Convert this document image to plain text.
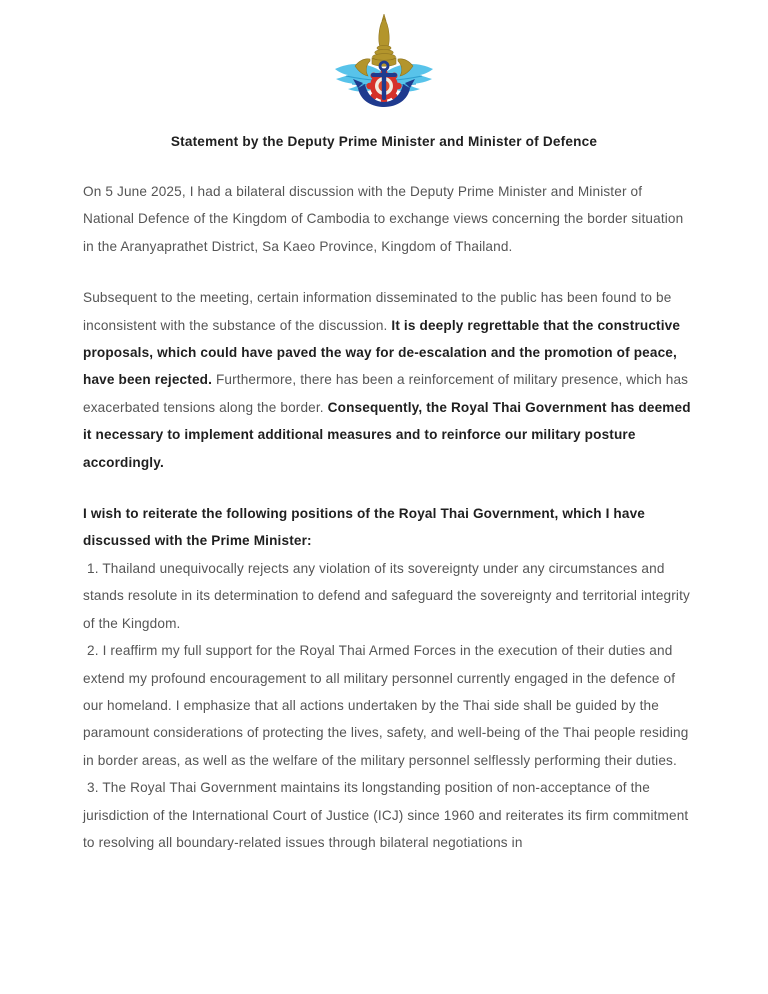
Statement by the Deputy Prime Minister and Minister of Defence

On 5 June 2025, I had a bilateral discussion with the Deputy Prime Minister and Minister of National Defence of the Kingdom of Cambodia to exchange views concerning the border situation in the Aranyaprathet District, Sa Kaeo Province, Kingdom of Thailand.

Subsequent to the meeting, certain information disseminated to the public has been found to be inconsistent with the substance of the discussion. It is deeply regrettable that the constructive proposals, which could have paved the way for de-escalation and the promotion of peace, have been rejected. Furthermore, there has been a reinforcement of military presence, which has exacerbated tensions along the border. Consequently, the Royal Thai Government has deemed it necessary to implement additional measures and to reinforce our military posture accordingly.

I wish to reiterate the following positions of the Royal Thai Government, which I have discussed with the Prime Minister:

1. Thailand unequivocally rejects any violation of its sovereignty under any circumstances and stands resolute in its determination to defend and safeguard the sovereignty and territorial integrity of the Kingdom.

2. I reaffirm my full support for the Royal Thai Armed Forces in the execution of their duties and extend my profound encouragement to all military personnel currently engaged in the defence of our homeland. I emphasize that all actions undertaken by the Thai side shall be guided by the paramount considerations of protecting the lives, safety, and well-being of the Thai people residing in border areas, as well as the welfare of the military personnel selflessly performing their duties.

3. The Royal Thai Government maintains its longstanding position of non-acceptance of the jurisdiction of the International Court of Justice (ICJ) since 1960 and reiterates its firm commitment to resolving all boundary-related issues through bilateral negotiations in
